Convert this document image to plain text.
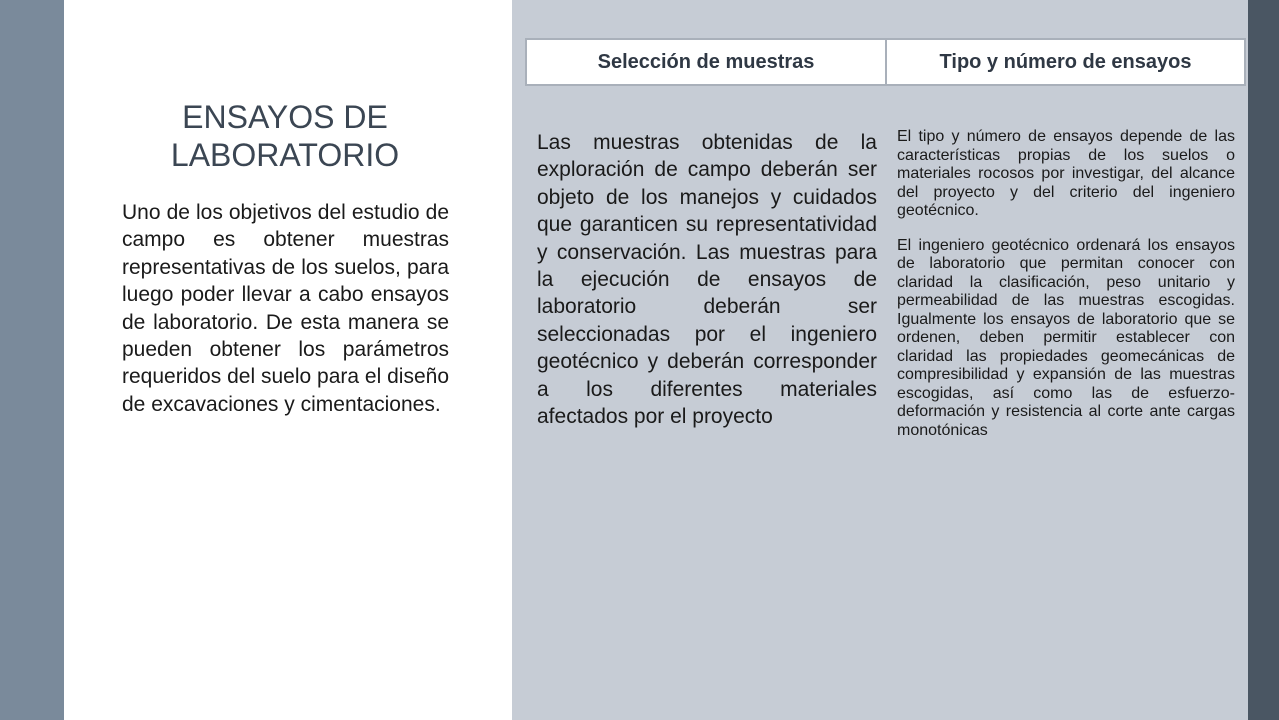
ENSAYOS DE LABORATORIO

Uno de los objetivos del estudio de campo es obtener muestras representativas de los suelos, para luego poder llevar a cabo ensayos de laboratorio. De esta manera se pueden obtener los parámetros requeridos del suelo para el diseño de excavaciones y cimentaciones.

Selección de muestras	Tipo y número de ensayos

Las muestras obtenidas de la exploración de campo deberán ser objeto de los manejos y cuidados que garanticen su representatividad y conservación. Las muestras para la ejecución de ensayos de laboratorio deberán ser seleccionadas por el ingeniero geotécnico y deberán corresponder a los diferentes materiales afectados por el proyecto

El tipo y número de ensayos depende de las características propias de los suelos o materiales rocosos por investigar, del alcance del proyecto y del criterio del ingeniero geotécnico.

El ingeniero geotécnico ordenará los ensayos de laboratorio que permitan conocer con claridad la clasificación, peso unitario y permeabilidad de las muestras escogidas. Igualmente los ensayos de laboratorio que se ordenen, deben permitir establecer con claridad las propiedades geomecánicas de compresibilidad y expansión de las muestras escogidas, así como las de esfuerzo-deformación y resistencia al corte ante cargas monotónicas
